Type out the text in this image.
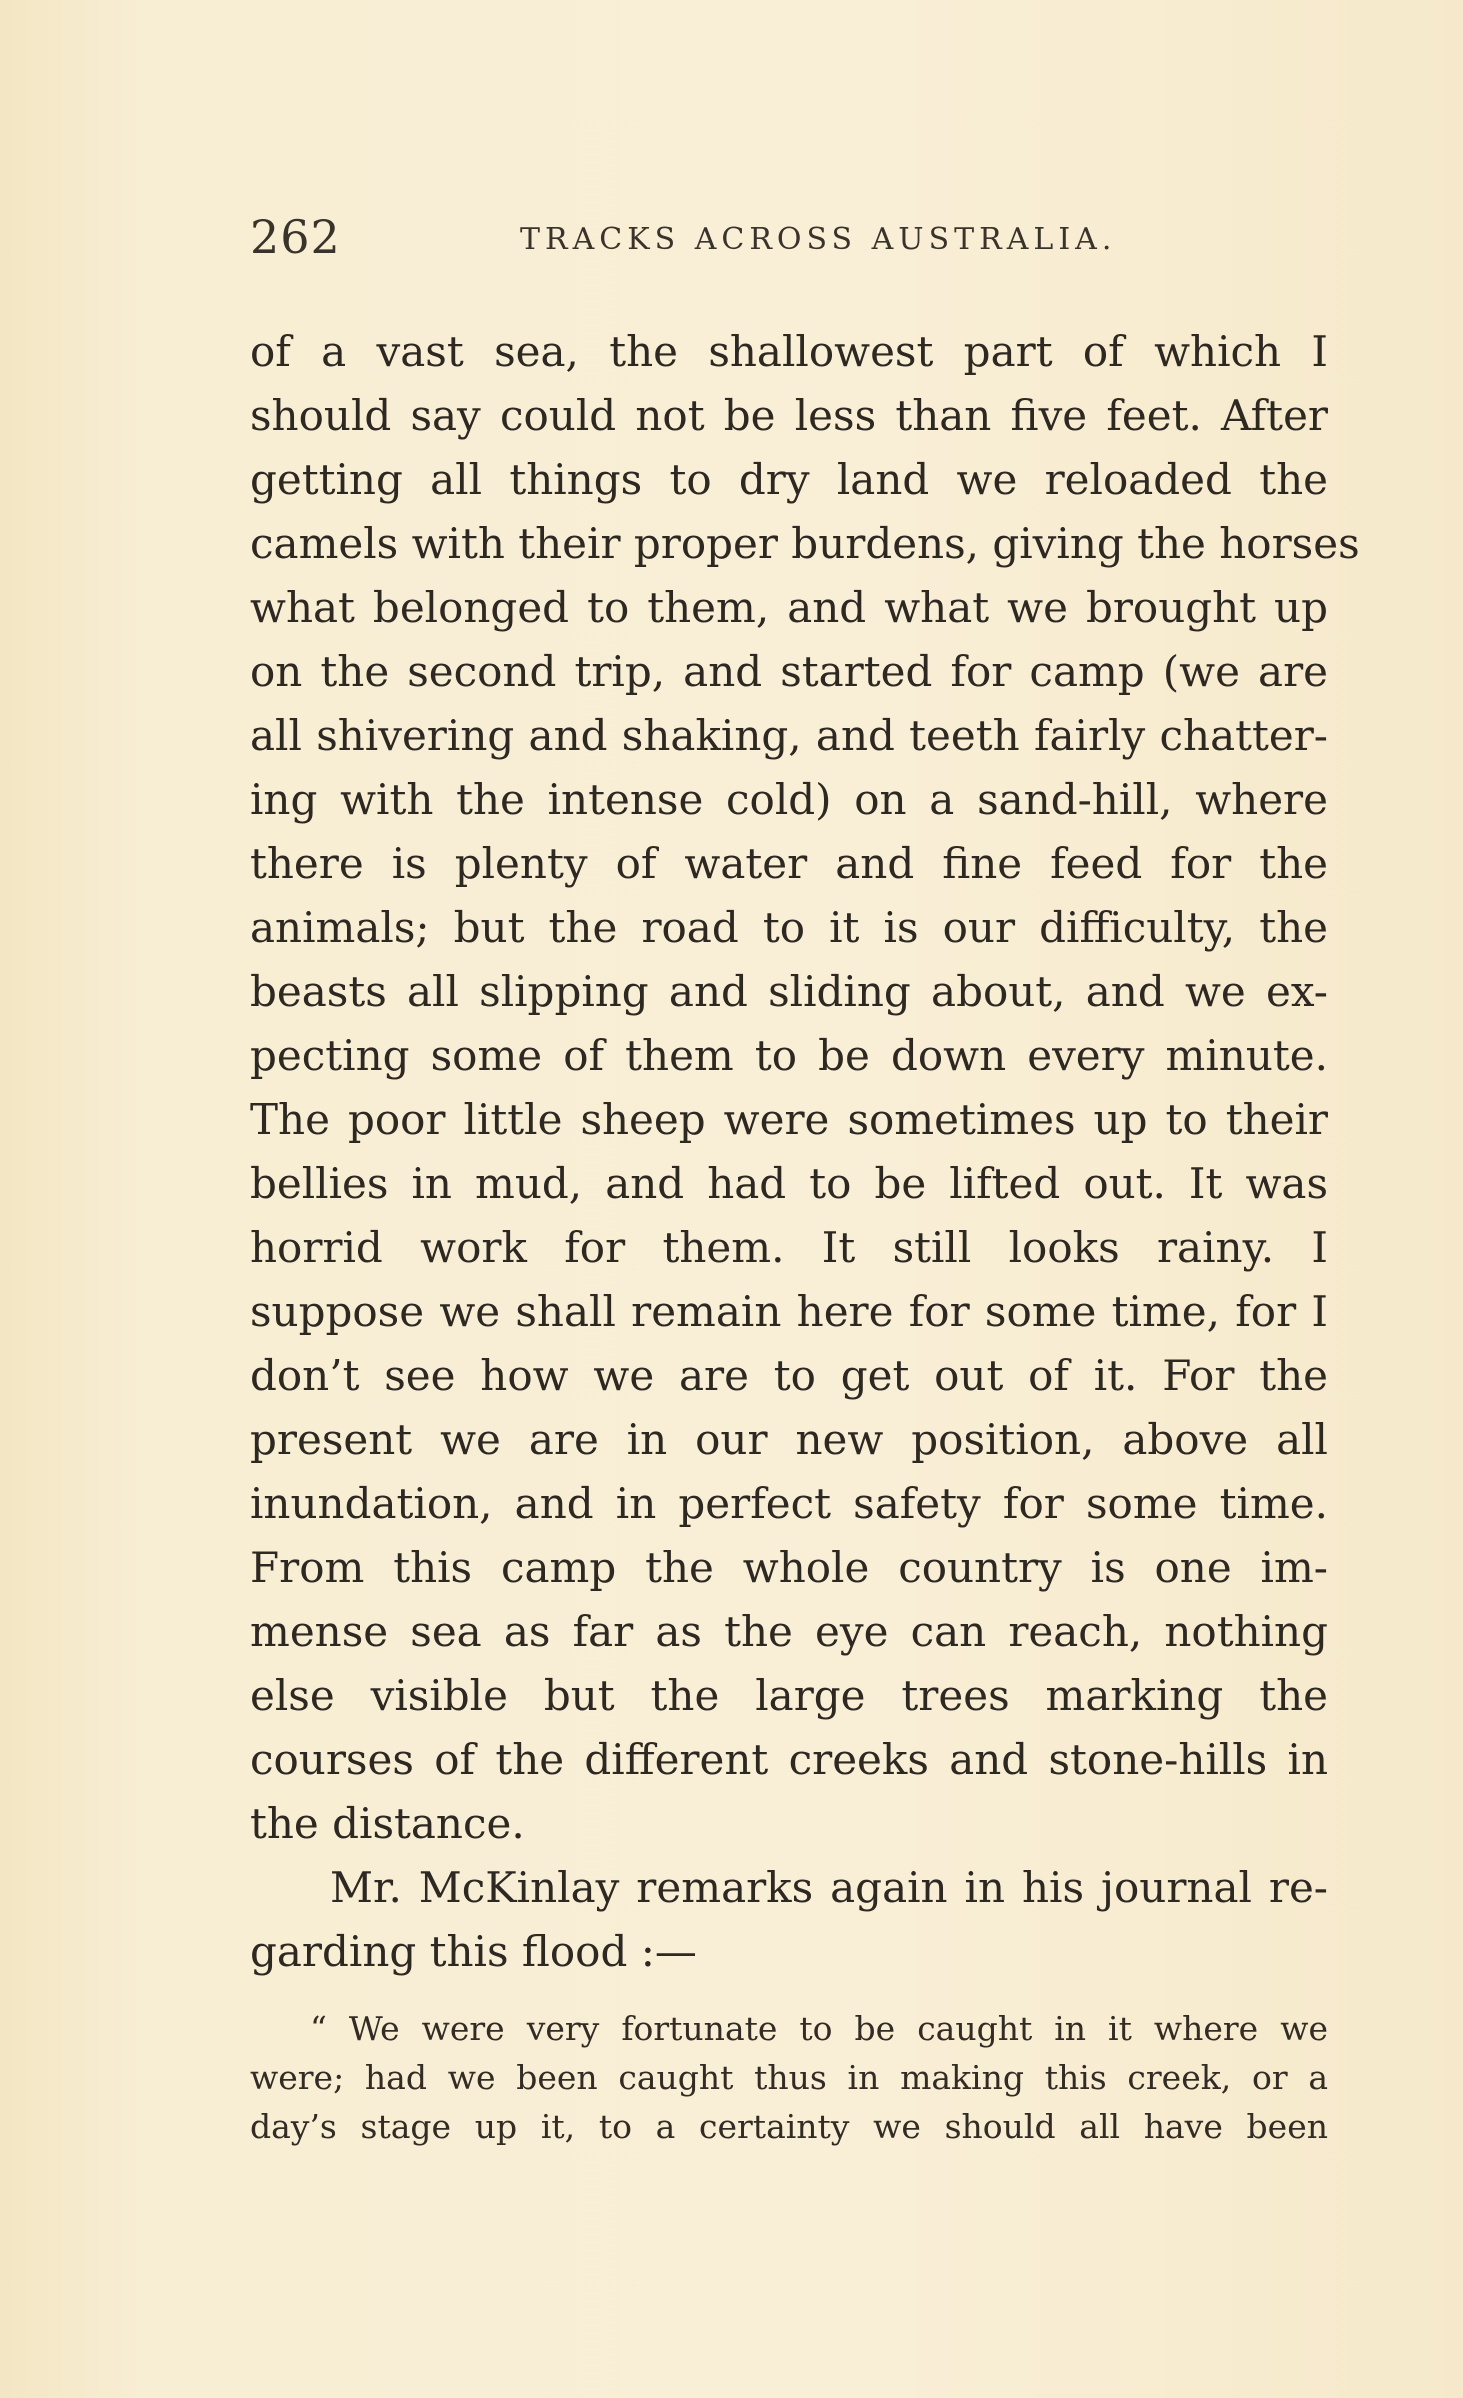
262	TRACKS ACROSS AUSTRALIA.
of a vast sea, the shallowest part of which I
should say could not be less than five feet. After
getting all things to dry land we reloaded the
camels with their proper burdens, giving the horses
what belonged to them, and what we brought up
on the second trip, and started for camp (we are
all shivering and shaking, and teeth fairly chatter-
ing with the intense cold) on a sand-hill, where
there is plenty of water and fine feed for the
animals; but the road to it is our difficulty, the
beasts all slipping and sliding about, and we ex-
pecting some of them to be down every minute.
The poor little sheep were sometimes up to their
bellies in mud, and had to be lifted out. It was
horrid work for them. It still looks rainy. I
suppose we shall remain here for some time, for I
don’t see how we are to get out of it. For the
present we are in our new position, above all
inundation, and in perfect safety for some time.
From this camp the whole country is one im-
mense sea as far as the eye can reach, nothing
else visible but the large trees marking the
courses of the different creeks and stone-hills in
the distance.
Mr. McKinlay remarks again in his journal re-
garding this flood :—
“ We were very fortunate to be caught in it where we
were; had we been caught thus in making this creek, or a
day’s stage up it, to a certainty we should all have been
